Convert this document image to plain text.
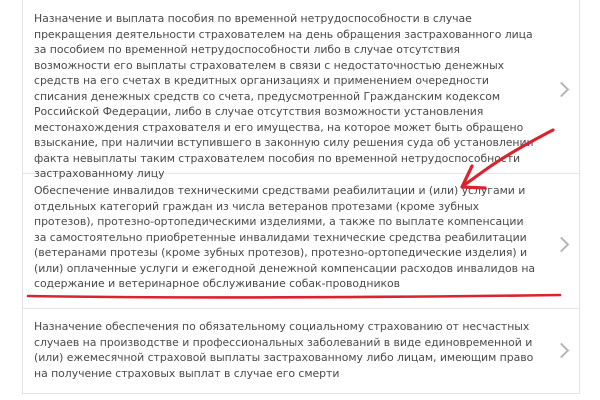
Назначение и выплата пособия по временной нетрудоспособности в случае прекращения деятельности страхователем на день обращения застрахованного лица за пособием по временной нетрудоспособности либо в случае отсутствия возможности его выплаты страхователем в связи с недостаточностью денежных средств на его счетах в кредитных организациях и применением очередности списания денежных средств со счета, предусмотренной Гражданским кодексом Российской Федерации, либо в случае отсутствия возможности установления местонахождения страхователя и его имущества, на которое может быть обращено взыскание, при наличии вступившего в законную силу решения суда об установлении факта невыплаты таким страхователем пособия по временной нетрудоспособности застрахованному лицу
Обеспечение инвалидов техническими средствами реабилитации и (или) услугами и отдельных категорий граждан из числа ветеранов протезами (кроме зубных протезов), протезно-ортопедическими изделиями, а также по выплате компенсации за самостоятельно приобретенные инвалидами технические средства реабилитации (ветеранами протезы (кроме зубных протезов), протезно-ортопедические изделия) и (или) оплаченные услуги и ежегодной денежной компенсации расходов инвалидов на содержание и ветеринарное обслуживание собак-проводников
Назначение обеспечения по обязательному социальному страхованию от несчастных случаев на производстве и профессиональных заболеваний в виде единовременной и (или) ежемесячной страховой выплаты застрахованному либо лицам, имеющим право на получение страховых выплат в случае его смерти
